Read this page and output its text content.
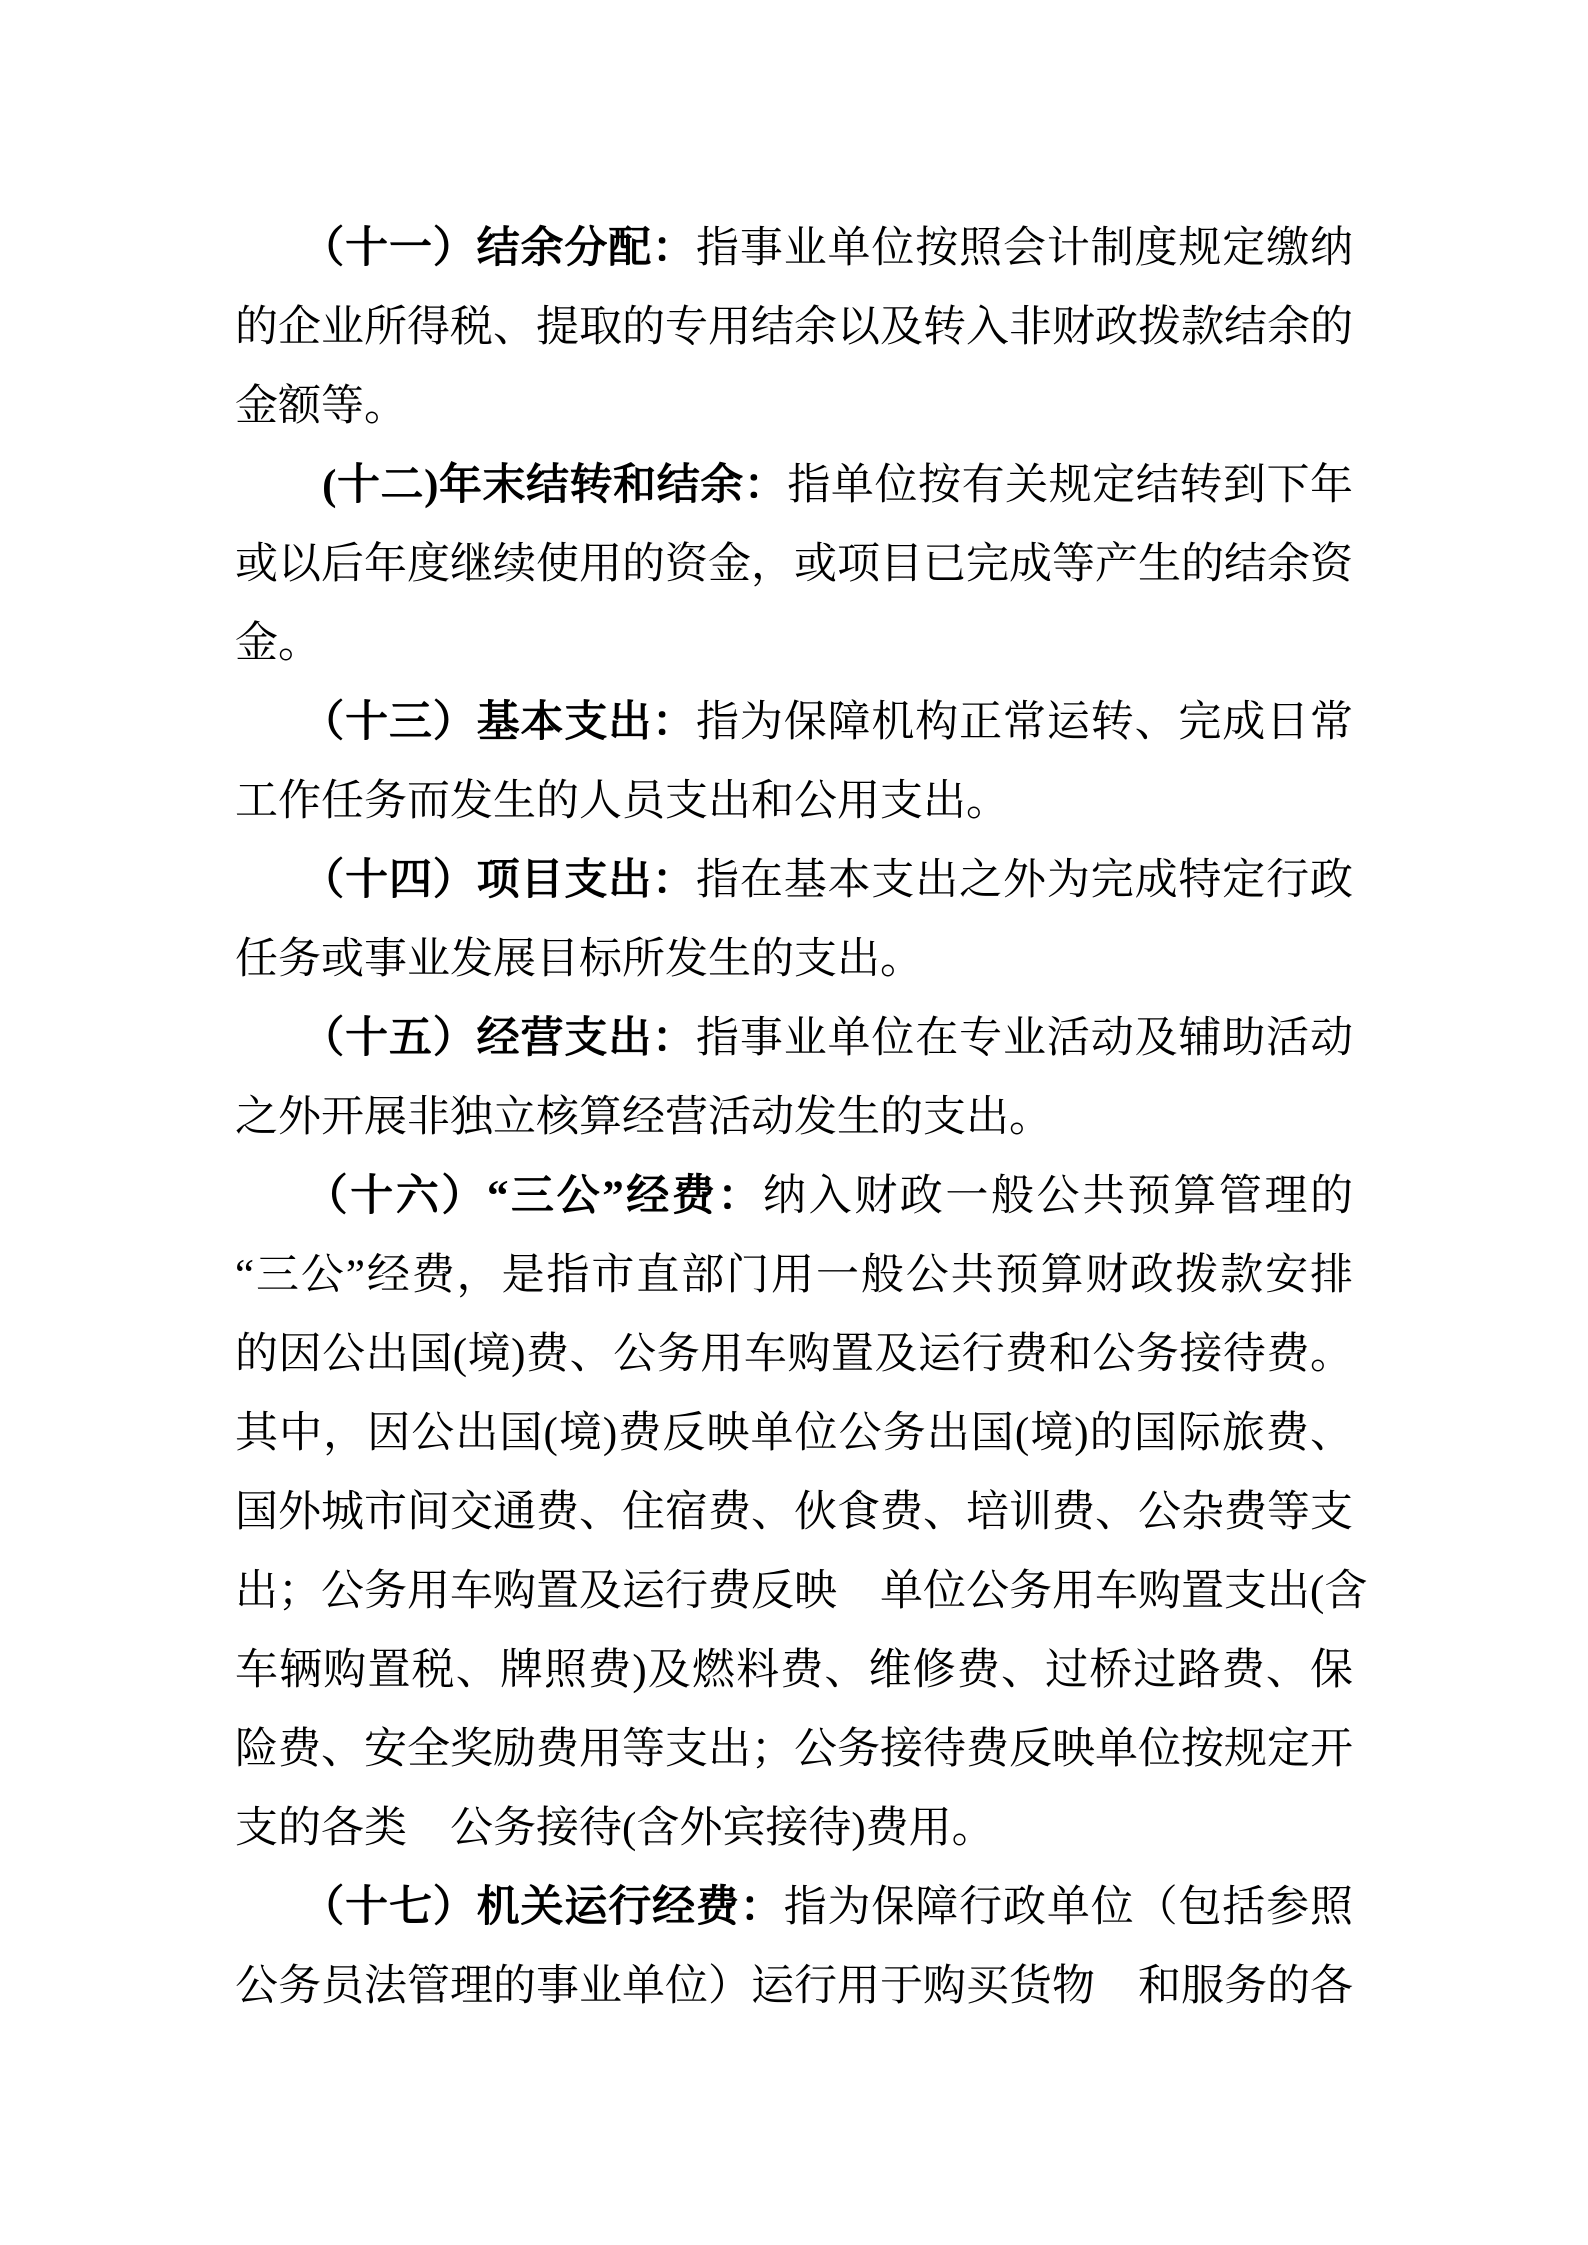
　　（十一）结余分配：指事业单位按照会计制度规定缴纳
的企业所得税、提取的专用结余以及转入非财政拨款结余的
金额等。
　　(十二)年末结转和结余：指单位按有关规定结转到下年
或以后年度继续使用的资金，或项目已完成等产生的结余资
金。
　　（十三）基本支出：指为保障机构正常运转、完成日常
工作任务而发生的人员支出和公用支出。
　　（十四）项目支出：指在基本支出之外为完成特定行政
任务或事业发展目标所发生的支出。
　　（十五）经营支出：指事业单位在专业活动及辅助活动
之外开展非独立核算经营活动发生的支出。
　　（十六）“三公”经费：纳入财政一般公共预算管理的
“三公”经费，是指市直部门用一般公共预算财政拨款安排
的因公出国(境)费、公务用车购置及运行费和公务接待费。
其中，因公出国(境)费反映单位公务出国(境)的国际旅费、
国外城市间交通费、住宿费、伙食费、培训费、公杂费等支
出；公务用车购置及运行费反映　单位公务用车购置支出(含
车辆购置税、牌照费)及燃料费、维修费、过桥过路费、保
险费、安全奖励费用等支出；公务接待费反映单位按规定开
支的各类　公务接待(含外宾接待)费用。
　　（十七）机关运行经费：指为保障行政单位（包括参照
公务员法管理的事业单位）运行用于购买货物　和服务的各
